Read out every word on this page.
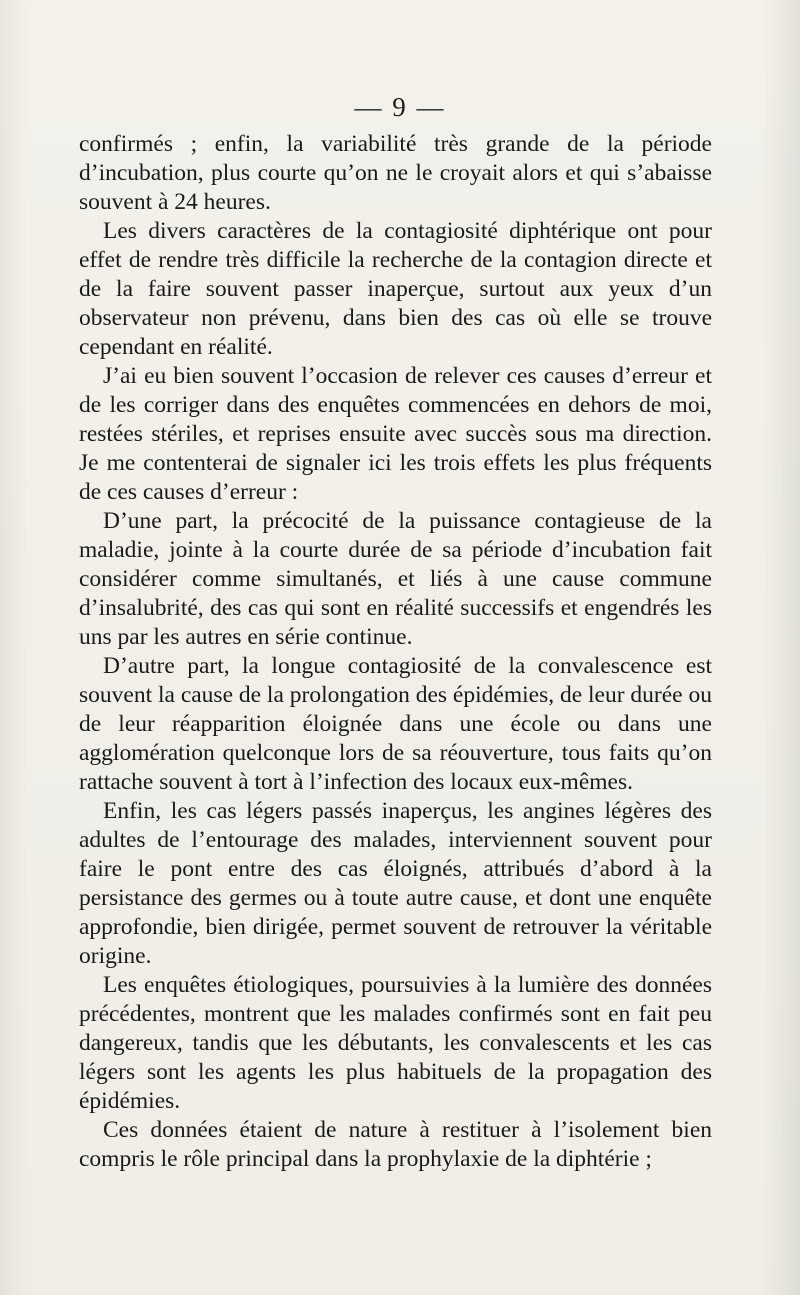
— 9 —

confirmés ; enfin, la variabilité très grande de la période d’incubation, plus courte qu’on ne le croyait alors et qui s’abaisse souvent à 24 heures.

Les divers caractères de la contagiosité diphtérique ont pour effet de rendre très difficile la recherche de la contagion directe et de la faire souvent passer inaperçue, surtout aux yeux d’un observateur non prévenu, dans bien des cas où elle se trouve cependant en réalité.

J’ai eu bien souvent l’occasion de relever ces causes d’erreur et de les corriger dans des enquêtes commencées en dehors de moi, restées stériles, et reprises ensuite avec succès sous ma direction. Je me contenterai de signaler ici les trois effets les plus fréquents de ces causes d’erreur :

D’une part, la précocité de la puissance contagieuse de la maladie, jointe à la courte durée de sa période d’incubation fait considérer comme simultanés, et liés à une cause commune d’insalubrité, des cas qui sont en réalité successifs et engendrés les uns par les autres en série continue.

D’autre part, la longue contagiosité de la convalescence est souvent la cause de la prolongation des épidémies, de leur durée ou de leur réapparition éloignée dans une école ou dans une agglomération quelconque lors de sa réouverture, tous faits qu’on rattache souvent à tort à l’infection des locaux eux-mêmes.

Enfin, les cas légers passés inaperçus, les angines légères des adultes de l’entourage des malades, interviennent souvent pour faire le pont entre des cas éloignés, attribués d’abord à la persistance des germes ou à toute autre cause, et dont une enquête approfondie, bien dirigée, permet souvent de retrouver la véritable origine.

Les enquêtes étiologiques, poursuivies à la lumière des données précédentes, montrent que les malades confirmés sont en fait peu dangereux, tandis que les débutants, les convalescents et les cas légers sont les agents les plus habituels de la propagation des épidémies.

Ces données étaient de nature à restituer à l’isolement bien compris le rôle principal dans la prophylaxie de la diphtérie ;
